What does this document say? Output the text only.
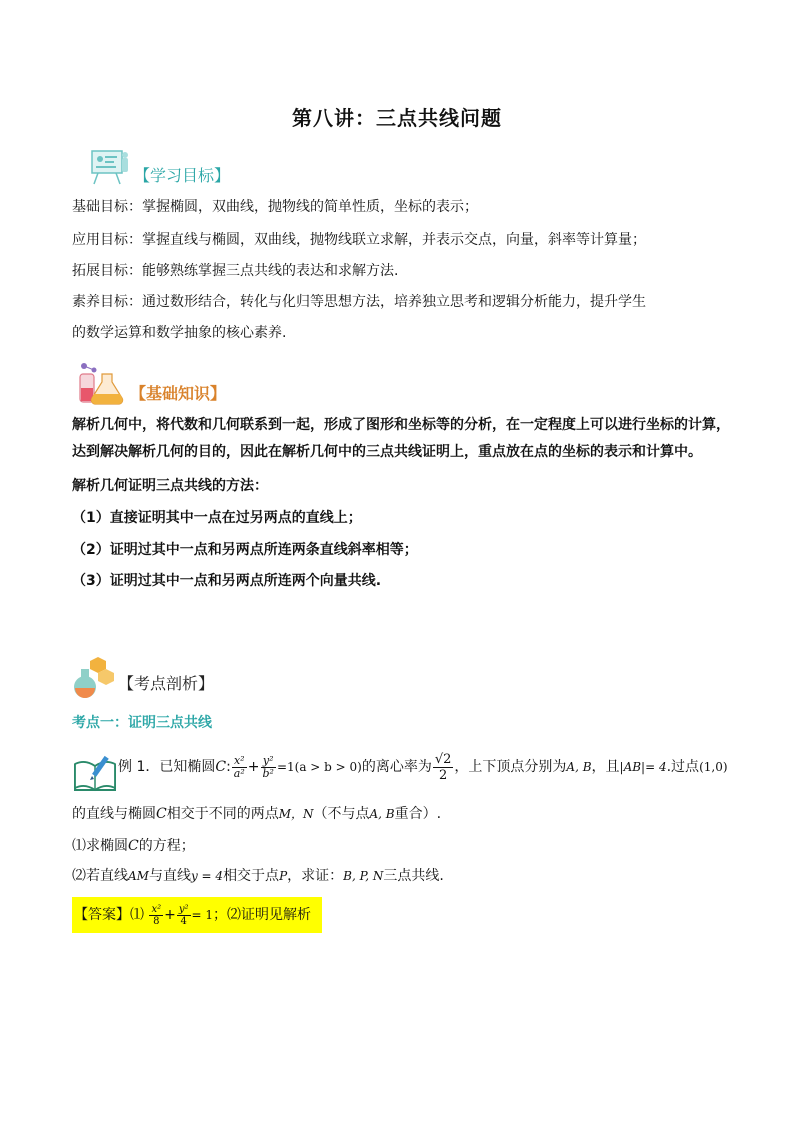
第八讲：三点共线问题
【学习目标】
基础目标：掌握椭圆，双曲线，抛物线的简单性质，坐标的表示；
应用目标：掌握直线与椭圆，双曲线，抛物线联立求解，并表示交点，向量，斜率等计算量；
拓展目标：能够熟练掌握三点共线的表达和求解方法.
素养目标：通过数形结合，转化与化归等思想方法，培养独立思考和逻辑分析能力，提升学生
的数学运算和数学抽象的核心素养.
【基础知识】
解析几何中，将代数和几何联系到一起，形成了图形和坐标等的分析，在一定程度上可以进行坐标的计算，
达到解决解析几何的目的，因此在解析几何中的三点共线证明上，重点放在点的坐标的表示和计算中。
解析几何证明三点共线的方法：
（1）直接证明其中一点在过另两点的直线上；
（2）证明过其中一点和另两点所连两条直线斜率相等；
（3）证明过其中一点和另两点所连两个向量共线.
【考点剖析】
考点一：证明三点共线
例 1．已知椭圆 C : $\frac{\text{x²}}{\text{a²}} + \frac{\text{y²}}{\text{b²}} =1(a > b > 0)$ 的离心率为 $\frac{√2}{2}$ ，上下顶点分别为 A, B ，且 |AB|= 4 .过点 (1,0)
的直线与椭圆C相交于不同的两点M，N（不与点A, B重合）.
⑴求椭圆C的方程；
⑵若直线AM与直线y = 4相交于点P，求证：B, P, N三点共线.
【答案】⑴ $\frac{\text{x²}}{8} + \frac{\text{y²}}{4} = 1$；⑵证明见解析
